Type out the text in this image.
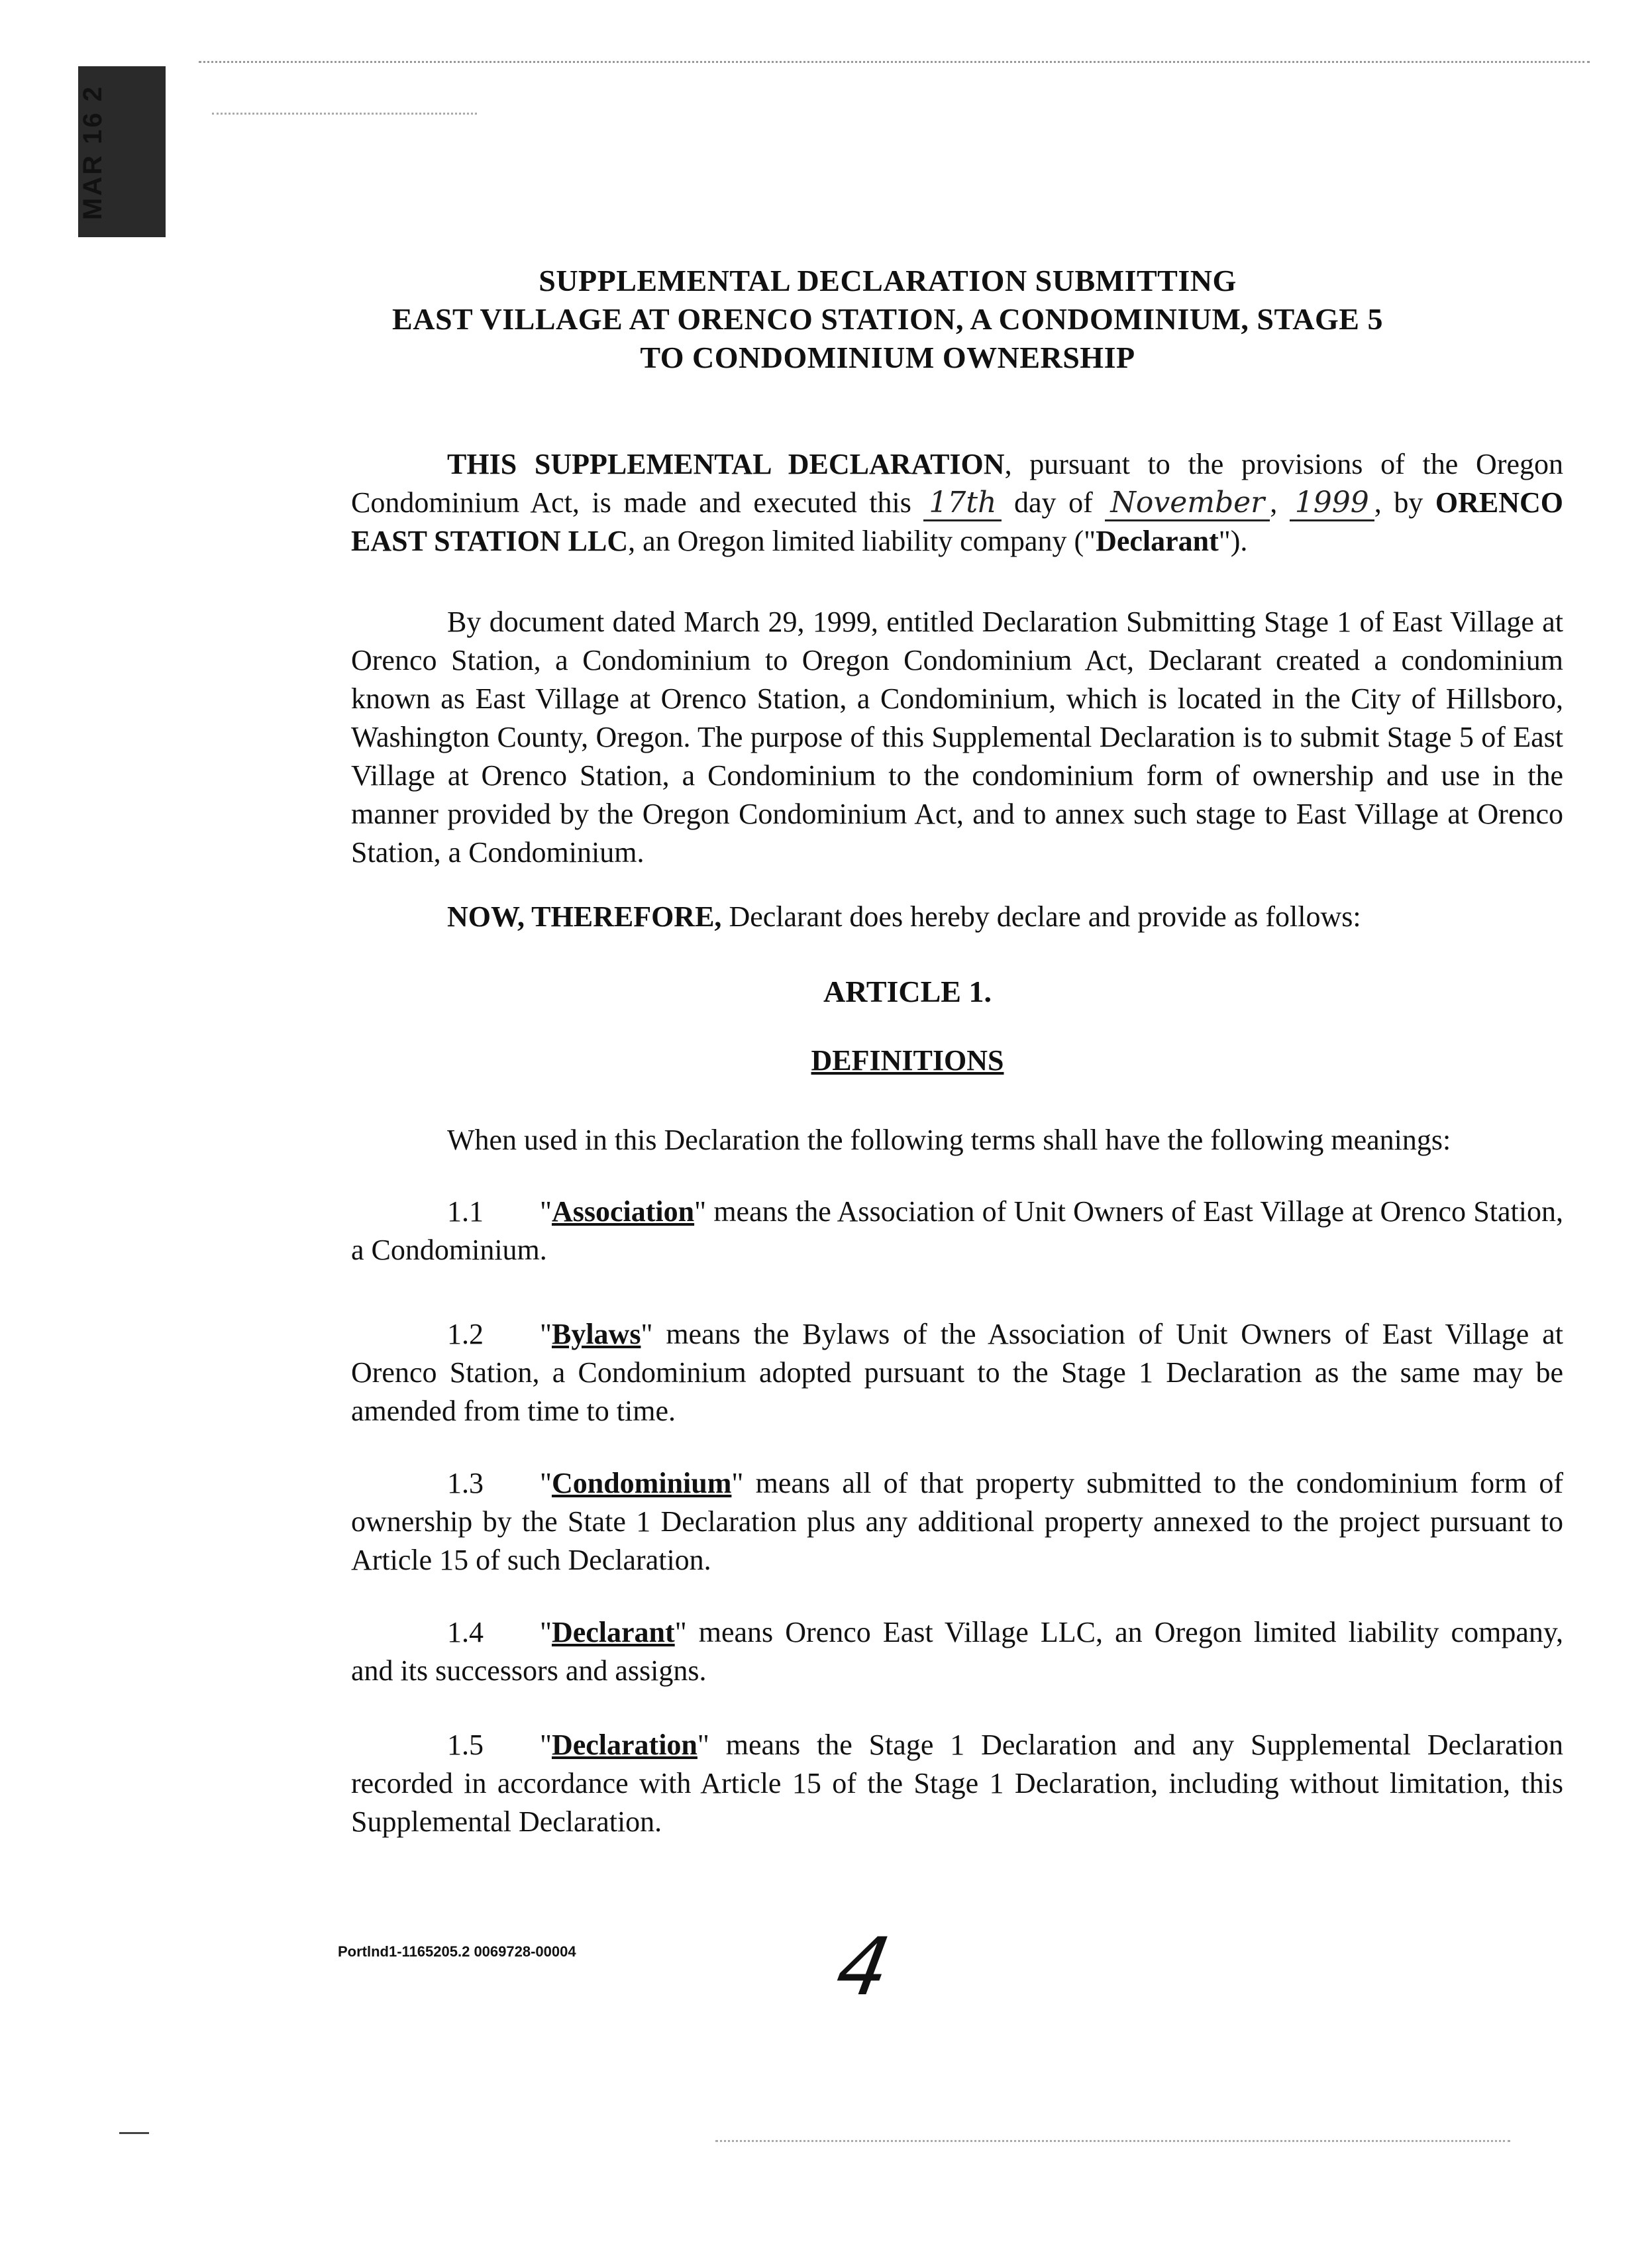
MAR 16 2
SUPPLEMENTAL DECLARATION SUBMITTING
EAST VILLAGE AT ORENCO STATION, A CONDOMINIUM, STAGE 5
TO CONDOMINIUM OWNERSHIP
THIS SUPPLEMENTAL DECLARATION, pursuant to the provisions of the Oregon Condominium Act, is made and executed this 17th day of November , 1999 , by ORENCO EAST STATION LLC, an Oregon limited liability company ("Declarant").
By document dated March 29, 1999, entitled Declaration Submitting Stage 1 of East Village at Orenco Station, a Condominium to Oregon Condominium Act, Declarant created a condominium known as East Village at Orenco Station, a Condominium, which is located in the City of Hillsboro, Washington County, Oregon. The purpose of this Supplemental Declaration is to submit Stage 5 of East Village at Orenco Station, a Condominium to the condominium form of ownership and use in the manner provided by the Oregon Condominium Act, and to annex such stage to East Village at Orenco Station, a Condominium.
NOW, THEREFORE, Declarant does hereby declare and provide as follows:
ARTICLE 1.
DEFINITIONS
When used in this Declaration the following terms shall have the following meanings:
1.1 "Association" means the Association of Unit Owners of East Village at Orenco Station, a Condominium.
1.2 "Bylaws" means the Bylaws of the Association of Unit Owners of East Village at Orenco Station, a Condominium adopted pursuant to the Stage 1 Declaration as the same may be amended from time to time.
1.3 "Condominium" means all of that property submitted to the condominium form of ownership by the State 1 Declaration plus any additional property annexed to the project pursuant to Article 15 of such Declaration.
1.4 "Declarant" means Orenco East Village LLC, an Oregon limited liability company, and its successors and assigns.
1.5 "Declaration" means the Stage 1 Declaration and any Supplemental Declaration recorded in accordance with Article 15 of the Stage 1 Declaration, including without limitation, this Supplemental Declaration.
Portlnd1-1165205.2 0069728-00004	4
